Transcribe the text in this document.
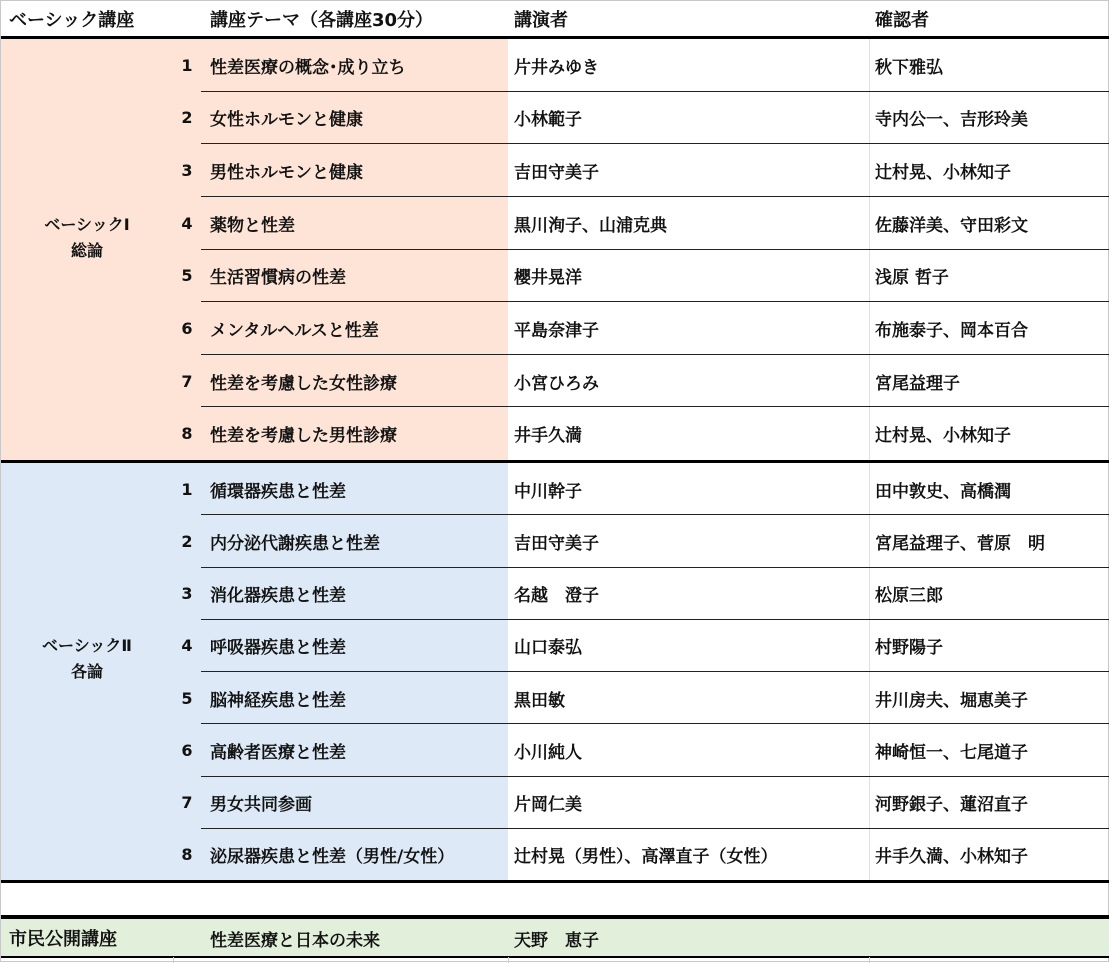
ベーシック講座	講座テーマ（各講座30分）	講演者	確認者
ベーシックⅠ
総論
1	性差医療の概念･成り立ち	片井みゆき	秋下雅弘
2	女性ホルモンと健康	小林範子	寺内公一、吉形玲美
3	男性ホルモンと健康	吉田守美子	辻村晃、小林知子
4	薬物と性差	黒川洵子、山浦克典	佐藤洋美、守田彩文
5	生活習慣病の性差	櫻井晃洋	浅原 哲子
6	メンタルヘルスと性差	平島奈津子	布施泰子、岡本百合
7	性差を考慮した女性診療	小宮ひろみ	宮尾益理子
8	性差を考慮した男性診療	井手久満	辻村晃、小林知子
ベーシックⅡ
各論
1	循環器疾患と性差	中川幹子	田中敦史、高橋潤
2	内分泌代謝疾患と性差	吉田守美子	宮尾益理子、菅原　明
3	消化器疾患と性差	名越　澄子	松原三郎
4	呼吸器疾患と性差	山口泰弘	村野陽子
5	脳神経疾患と性差	黒田敏	井川房夫、堀恵美子
6	高齢者医療と性差	小川純人	神崎恒一、七尾道子
7	男女共同参画	片岡仁美	河野銀子、蓮沼直子
8	泌尿器疾患と性差（男性/女性）	辻村晃（男性）、高澤直子（女性）	井手久満、小林知子
市民公開講座	性差医療と日本の未来	天野　恵子
